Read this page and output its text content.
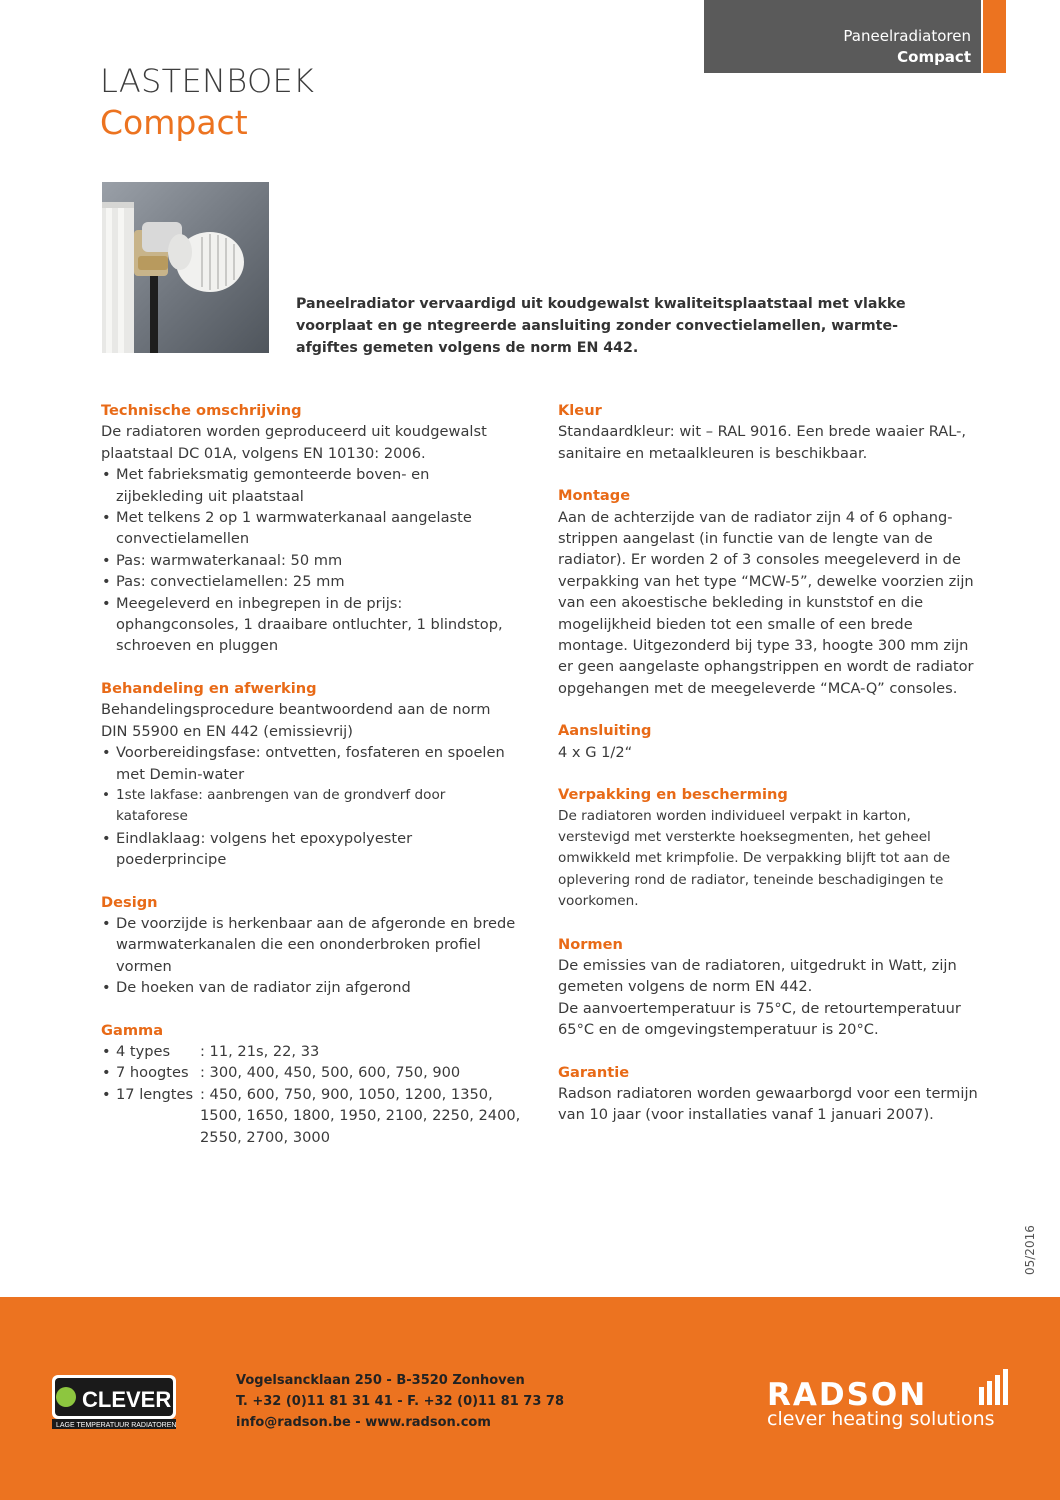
Paneelradiatoren
Compact
LASTENBOEK
Compact
Paneelradiator vervaardigd uit koudgewalst kwaliteitsplaatstaal met vlakke voorplaat en ge ntegreerde aansluiting zonder convectielamellen, warmte-afgiftes gemeten volgens de norm EN 442.
Technische omschrijving
De radiatoren worden geproduceerd uit koudgewalst plaatstaal DC 01A, volgens EN 10130: 2006.
• Met fabrieksmatig gemonteerde boven- en zijbekleding uit plaatstaal
• Met telkens 2 op 1 warmwaterkanaal aangelaste convectielamellen
• Pas: warmwaterkanaal: 50 mm
• Pas: convectielamellen: 25 mm
• Meegeleverd en inbegrepen in de prijs: ophangconsoles, 1 draaibare ontluchter, 1 blindstop, schroeven en pluggen
Behandeling en afwerking
Behandelingsprocedure beantwoordend aan de norm DIN 55900 en EN 442 (emissievrij)
• Voorbereidingsfase: ontvetten, fosfateren en spoelen met Demin-water
• 1ste lakfase: aanbrengen van de grondverf door kataforese
• Eindlaklaag: volgens het epoxypolyester poederprincipe
Design
• De voorzijde is herkenbaar aan de afgeronde en brede warmwaterkanalen die een ononderbroken profiel vormen
• De hoeken van de radiator zijn afgerond
Gamma
• 4 types	: 11, 21s, 22, 33
• 7 hoogtes : 300, 400, 450, 500, 600, 750, 900
• 17 lengtes : 450, 600, 750, 900, 1050, 1200, 1350, 1500, 1650, 1800, 1950, 2100, 2250, 2400, 2550, 2700, 3000
Kleur
Standaardkleur: wit – RAL 9016. Een brede waaier RAL-, sanitaire en metaalkleuren is beschikbaar.
Montage
Aan de achterzijde van de radiator zijn 4 of 6 ophang-strippen aangelast (in functie van de lengte van de radiator). Er worden 2 of 3 consoles meegeleverd in de verpakking van het type “MCW-5”, dewelke voorzien zijn van een akoestische bekleding in kunststof en die mogelijkheid bieden tot een smalle of een brede montage. Uitgezonderd bij type 33, hoogte 300 mm zijn er geen aangelaste ophangstrippen en wordt de radiator opgehangen met de meegeleverde “MCA-Q” consoles.
Aansluiting
4 x G 1/2“
Verpakking en bescherming
De radiatoren worden individueel verpakt in karton, verstevigd met versterkte hoeksegmenten, het geheel omwikkeld met krimpfolie. De verpakking blijft tot aan de oplevering rond de radiator, teneinde beschadigingen te voorkomen.
Normen
De emissies van de radiatoren, uitgedrukt in Watt, zijn gemeten volgens de norm EN 442.
De aanvoertemperatuur is 75°C, de retourtemperatuur 65°C en de omgevingstemperatuur is 20°C.
Garantie
Radson radiatoren worden gewaarborgd voor een termijn van 10 jaar (voor installaties vanaf 1 januari 2007).
05/2016
CLEVER
LAGE TEMPERATUUR RADIATOREN
Vogelsancklaan 250 - B-3520 Zonhoven
T. +32 (0)11 81 31 41 - F. +32 (0)11 81 73 78
info@radson.be - www.radson.com
RADSON
clever heating solutions
